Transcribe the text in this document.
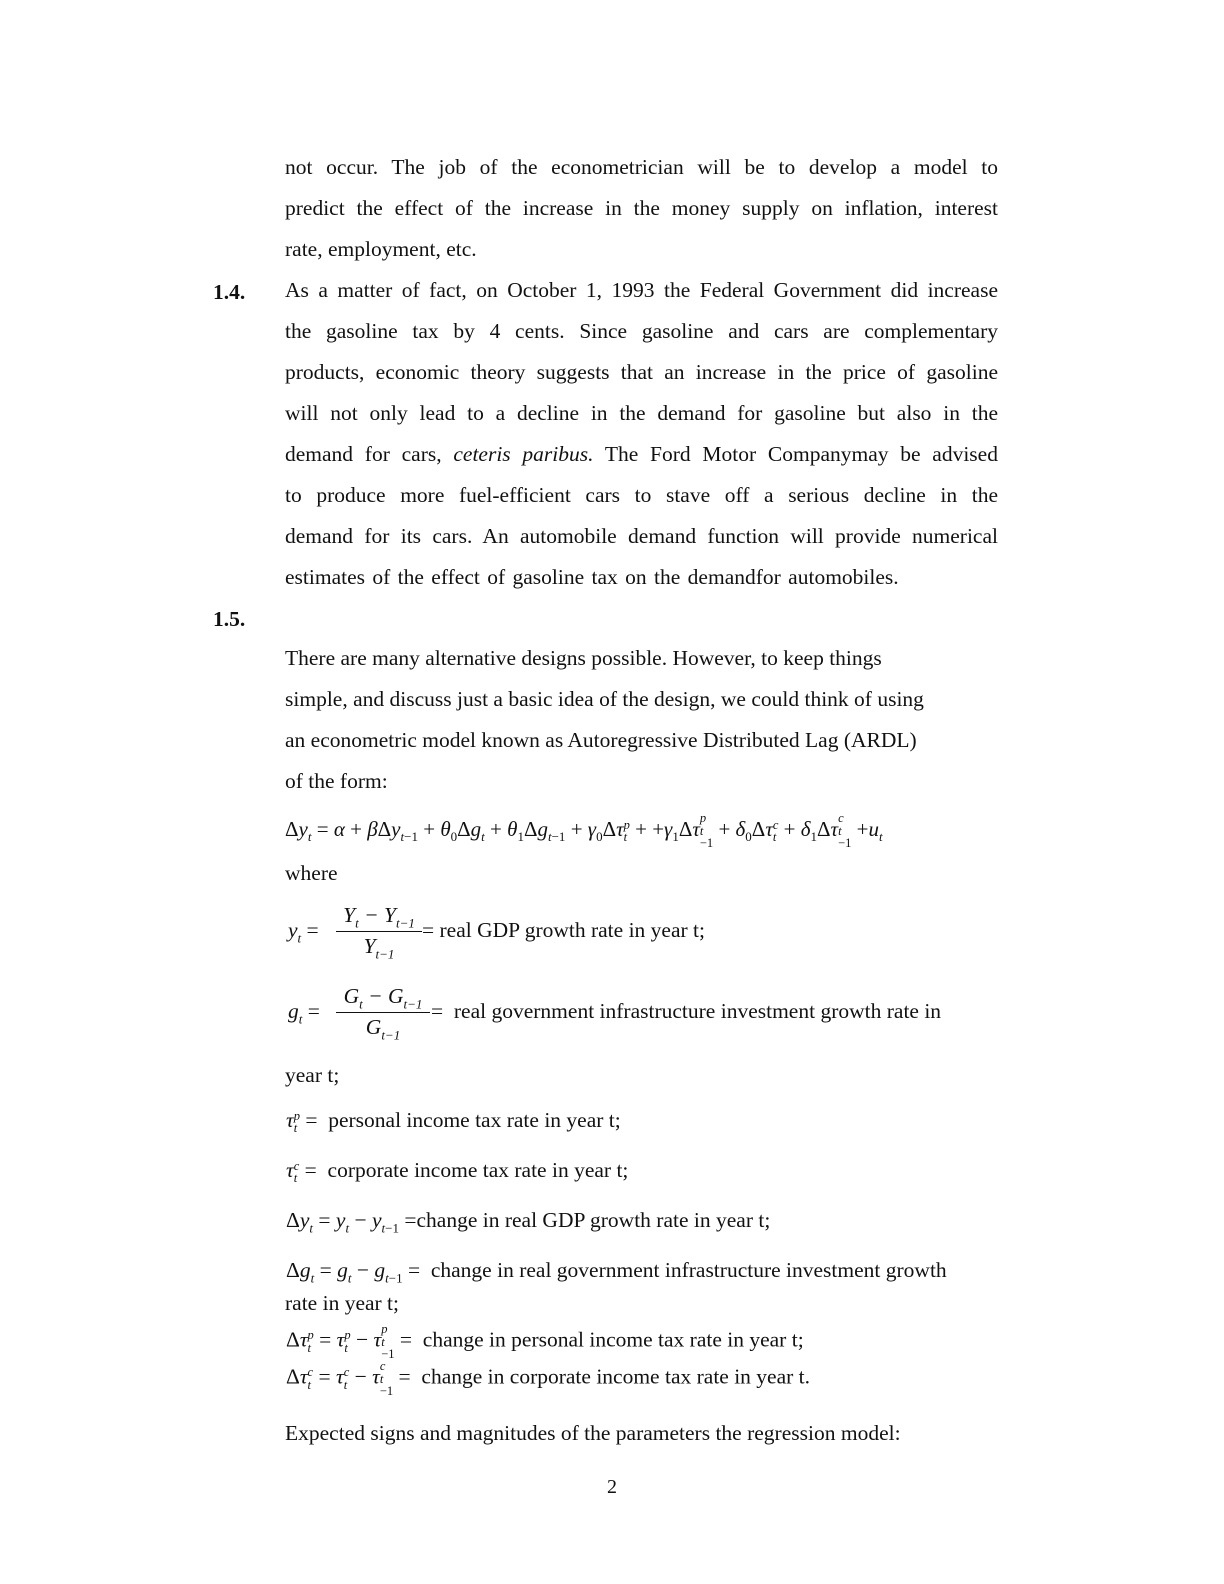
not occur. The job of the econometrician will be to develop a model to
predict the effect of the increase in the money supply on inflation, interest
rate, employment, etc.
1.4. As a matter of fact, on October 1, 1993 the Federal Government did increase
the gasoline tax by 4 cents. Since gasoline and cars are complementary
products, economic theory suggests that an increase in the price of gasoline
will not only lead to a decline in the demand for gasoline but also in the
demand for cars, ceteris paribus. The Ford Motor Companymay be advised
to produce more fuel-efficient cars to stave off a serious decline in the
demand for its cars. An automobile demand function will provide numerical
estimates of the effect of gasoline tax on the demandfor automobiles.
1.5.
There are many alternative designs possible. However, to keep things
simple, and discuss just a basic idea of the design, we could think of using
an econometric model known as Autoregressive Distributed Lag (ARDL)
of the form:
$\Delta y_t = \alpha + \beta\Delta y_{t-1} + \theta_0\Delta g_t + \theta_1\Delta g_{t-1} + \gamma_0\Delta\tau$ p
$t + +\gamma_1\Delta\tau$ p
t
−1
+ $\delta_0\Delta\tau$ c
$t + \delta_1\Delta\tau$ c
t
−1
$+u_t$
where
$y_t = \frac{Y_t - Y_{t-1}}{Y_{t-1}}$ = real GDP growth rate in year t;
$g_t = \frac{G_t - G_{t-1}}{G_{t-1}}$ =  real government infrastructure investment growth rate in
year t;
τ p
t =  personal income tax rate in year t;
τ c
t =  corporate income tax rate in year t;
$\Delta y_t = y_t - y_{t-1}$ =change in real GDP growth rate in year t;
$\Delta g_t = g_t - g_{t-1}$ =  change in real government infrastructure investment growth
rate in year t;
Δτ p
t = τ p
t − τ p
t
−1
=  change in personal income tax rate in year t;
Δτ c
t = τ c
t − τ c
t
−1
=  change in corporate income tax rate in year t.
Expected signs and magnitudes of the parameters the regression model:
2
